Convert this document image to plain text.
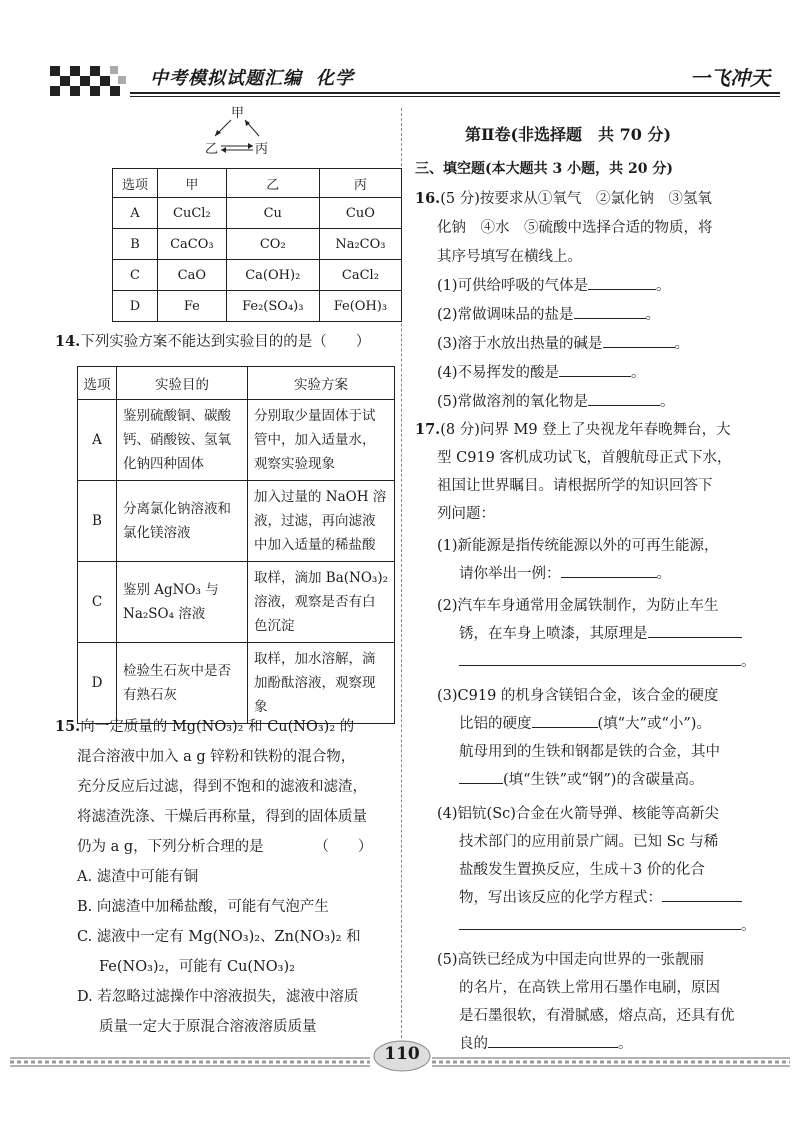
中考模拟试题汇编 化学	一飞冲天
甲
乙	丙
选项	甲	乙	丙
A	CuCl₂	Cu	CuO
B	CaCO₃	CO₂	Na₂CO₃
C	CaO	Ca(OH)₂	CaCl₂
D	Fe	Fe₂(SO₄)₃	Fe(OH)₃
14.下列实验方案不能达到实验目的的是（　　）
选项	实验目的	实验方案
A	鉴别硫酸铜、碳酸钙、硝酸铵、氢氧化钠四种固体	分别取少量固体于试管中，加入适量水，观察实验现象
B	分离氯化钠溶液和氯化镁溶液	加入过量的 NaOH 溶液，过滤，再向滤液中加入适量的稀盐酸
C	鉴别 AgNO₃ 与 Na₂SO₄ 溶液	取样，滴加 Ba(NO₃)₂ 溶液，观察是否有白色沉淀
D	检验生石灰中是否有熟石灰	取样，加水溶解，滴加酚酞溶液，观察现象
15.向一定质量的 Mg(NO₃)₂ 和 Cu(NO₃)₂ 的
混合溶液中加入 a g 锌粉和铁粉的混合物，
充分反应后过滤，得到不饱和的滤液和滤渣，
将滤渣洗涤、干燥后再称量，得到的固体质量
仍为 a g，下列分析合理的是　　　　（　　）
A. 滤渣中可能有铜
B. 向滤渣中加稀盐酸，可能有气泡产生
C. 滤液中一定有 Mg(NO₃)₂、Zn(NO₃)₂ 和
Fe(NO₃)₂，可能有 Cu(NO₃)₂
D. 若忽略过滤操作中溶液损失，滤液中溶质
质量一定大于原混合溶液溶质质量
第Ⅱ卷(非选择题　共 70 分)
三、填空题(本大题共 3 小题，共 20 分)
16.(5 分)按要求从①氧气　②氯化钠　③氢氧
化钠　④水　⑤硫酸中选择合适的物质，将
其序号填写在横线上。
(1)可供给呼吸的气体是	。
(2)常做调味品的盐是	。
(3)溶于水放出热量的碱是	。
(4)不易挥发的酸是	。
(5)常做溶剂的氧化物是	。
17.(8 分)问界 M9 登上了央视龙年春晚舞台，大
型 C919 客机成功试飞，首艘航母正式下水，
祖国让世界瞩目。请根据所学的知识回答下
列问题：
(1)新能源是指传统能源以外的可再生能源，
请你举出一例：	。
(2)汽车车身通常用金属铁制作，为防止车生
锈，在车身上喷漆，其原理是
。
(3)C919 的机身含镁铝合金，该合金的硬度
比铝的硬度	(填“大”或“小”)。
航母用到的生铁和钢都是铁的合金，其中
(填“生铁”或“钢”)的含碳量高。
(4)铝钪(Sc)合金在火箭导弹、核能等高新尖
技术部门的应用前景广阔。已知 Sc 与稀
盐酸发生置换反应，生成＋3 价的化合
物，写出该反应的化学方程式：
。
(5)高铁已经成为中国走向世界的一张靓丽
的名片，在高铁上常用石墨作电刷，原因
是石墨很软，有滑腻感，熔点高，还具有优
良的	。
110
